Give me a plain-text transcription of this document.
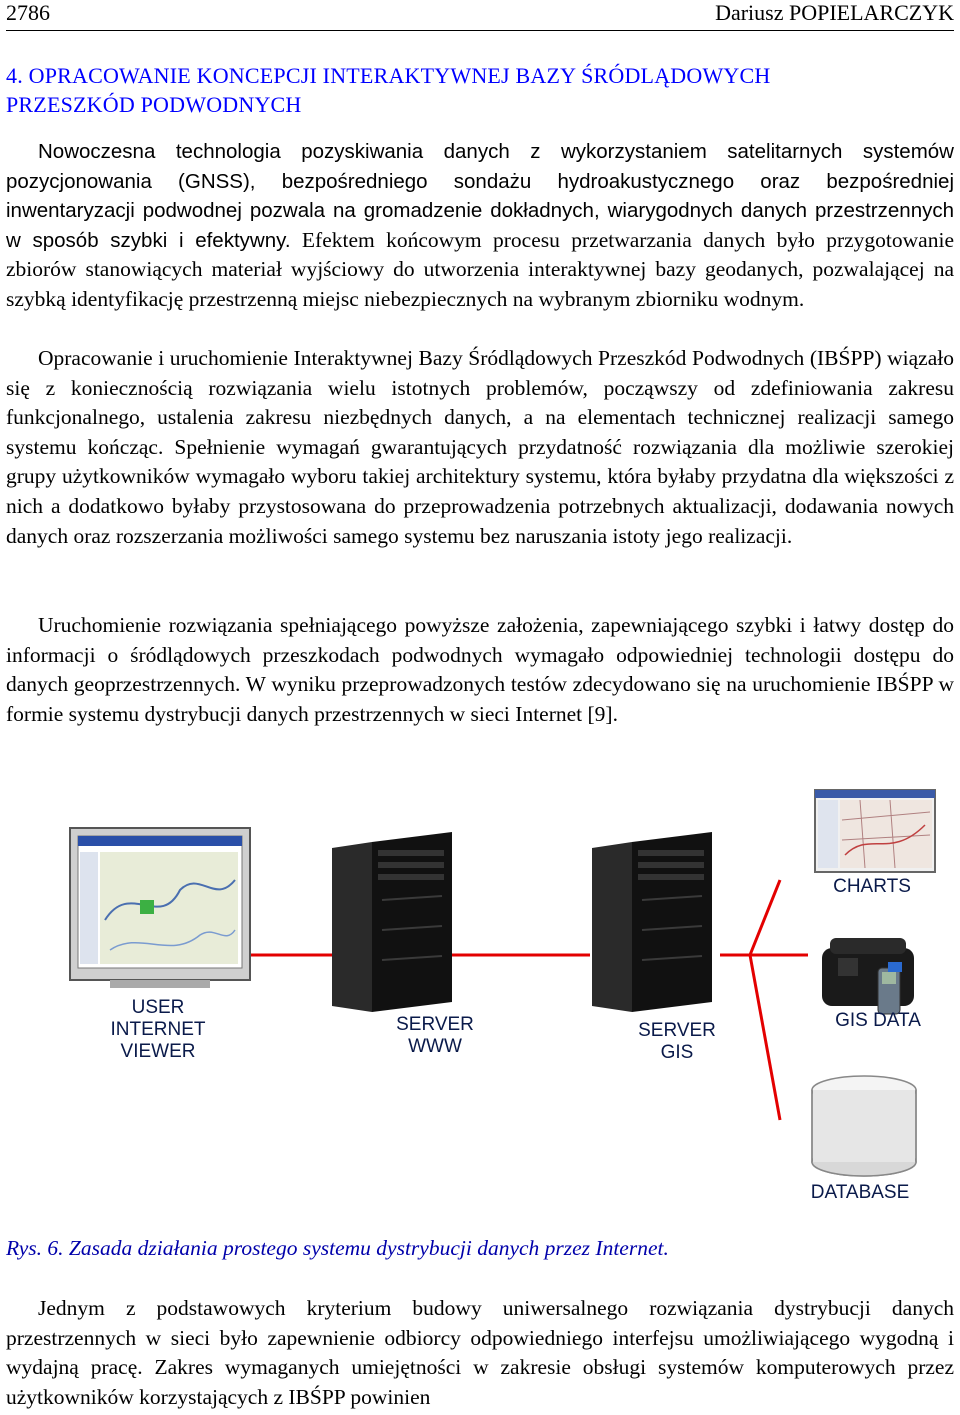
2786	Dariusz POPIELARCZYK
4. OPRACOWANIE KONCEPCJI INTERAKTYWNEJ BAZY ŚRÓDLĄDOWYCH
PRZESZKÓD PODWODNYCH
Nowoczesna technologia pozyskiwania danych z wykorzystaniem satelitarnych systemów pozycjonowania (GNSS), bezpośredniego sondażu hydroakustycznego oraz bezpośredniej inwentaryzacji podwodnej pozwala na gromadzenie dokładnych, wiarygodnych danych przestrzennych w sposób szybki i efektywny. Efektem końcowym procesu przetwarzania danych było przygotowanie zbiorów stanowiących materiał wyjściowy do utworzenia interaktywnej bazy geodanych, pozwalającej na szybką identyfikację przestrzenną miejsc niebezpiecznych na wybranym zbiorniku wodnym.
Opracowanie i uruchomienie Interaktywnej Bazy Śródlądowych Przeszkód Podwodnych (IBŚPP) wiązało się z koniecznością rozwiązania wielu istotnych problemów, począwszy od zdefiniowania zakresu funkcjonalnego, ustalenia zakresu niezbędnych danych, a na elementach technicznej realizacji samego systemu kończąc. Spełnienie wymagań gwarantujących przydatność rozwiązania dla możliwie szerokiej grupy użytkowników wymagało wyboru takiej architektury systemu, która byłaby przydatna dla większości z nich a dodatkowo byłaby przystosowana do przeprowadzenia potrzebnych aktualizacji, dodawania nowych danych oraz rozszerzania możliwości samego systemu bez naruszania istoty jego realizacji.
Uruchomienie rozwiązania spełniającego powyższe założenia, zapewniającego szybki i łatwy dostęp do informacji o śródlądowych przeszkodach podwodnych wymagało odpowiedniej technologii dostępu do danych geoprzestrzennych. W wyniku przeprowadzonych testów zdecydowano się na uruchomienie IBŚPP w formie systemu dystrybucji danych przestrzennych w sieci Internet [9].
USER
INTERNET
VIEWER
SERVER
WWW
SERVER
GIS
CHARTS
GIS DATA
DATABASE
Rys. 6. Zasada działania prostego systemu dystrybucji danych przez Internet.
Jednym z podstawowych kryterium budowy uniwersalnego rozwiązania dystrybucji danych przestrzennych w sieci było zapewnienie odbiorcy odpowiedniego interfejsu umożliwiającego wygodną i wydajną pracę. Zakres wymaganych umiejętności w zakresie obsługi systemów komputerowych przez użytkowników korzystających z IBŚPP powinien
